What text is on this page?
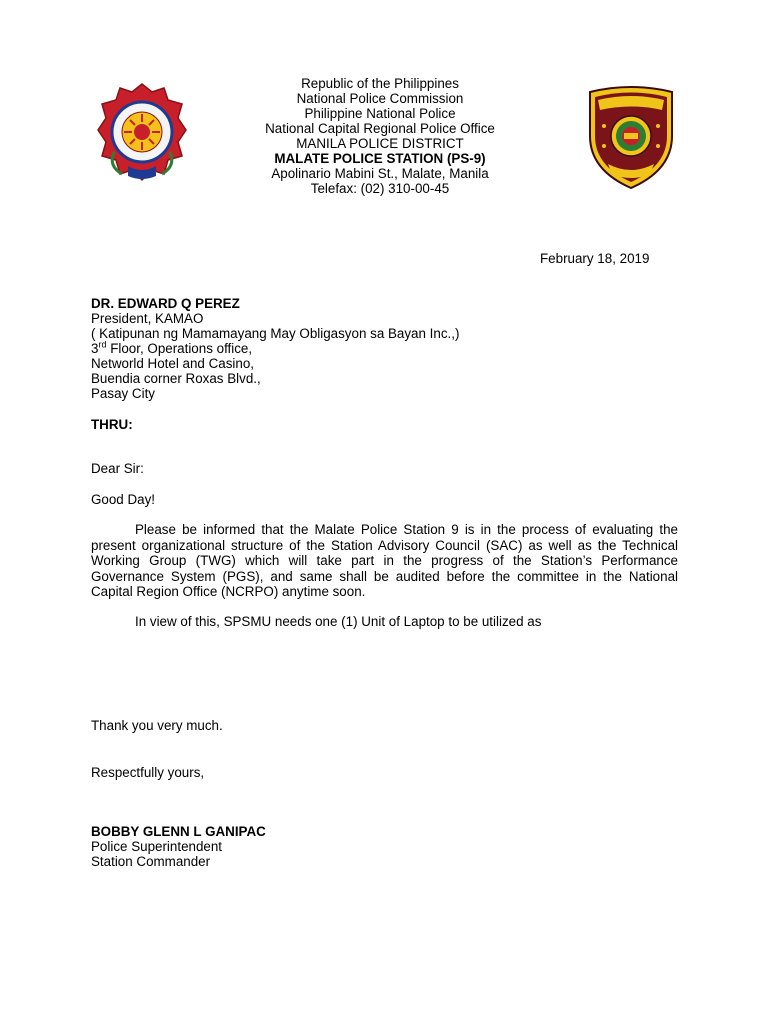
Republic of the Philippines
National Police Commission
Philippine National Police
National Capital Regional Police Office
MANILA POLICE DISTRICT
MALATE POLICE STATION (PS-9)
Apolinario Mabini St., Malate, Manila
Telefax: (02) 310-00-45
February 18, 2019
DR. EDWARD Q PEREZ
President, KAMAO
( Katipunan ng Mamamayang May Obligasyon sa Bayan Inc.,)
3rd Floor, Operations office,
Networld Hotel and Casino,
Buendia corner Roxas Blvd.,
Pasay City
THRU:
Dear Sir:
Good Day!

Please be informed that the Malate Police Station 9 is in the process of evaluating the present organizational structure of the Station Advisory Council (SAC) as well as the Technical Working Group (TWG) which will take part in the progress of the Station’s Performance Governance System (PGS), and same shall be audited before the committee in the National Capital Region Office (NCRPO) anytime soon.

In view of this, SPSMU needs one (1) Unit of Laptop to be utilized as
Thank you very much.
Respectfully yours,
BOBBY GLENN L GANIPAC
Police Superintendent
Station Commander
